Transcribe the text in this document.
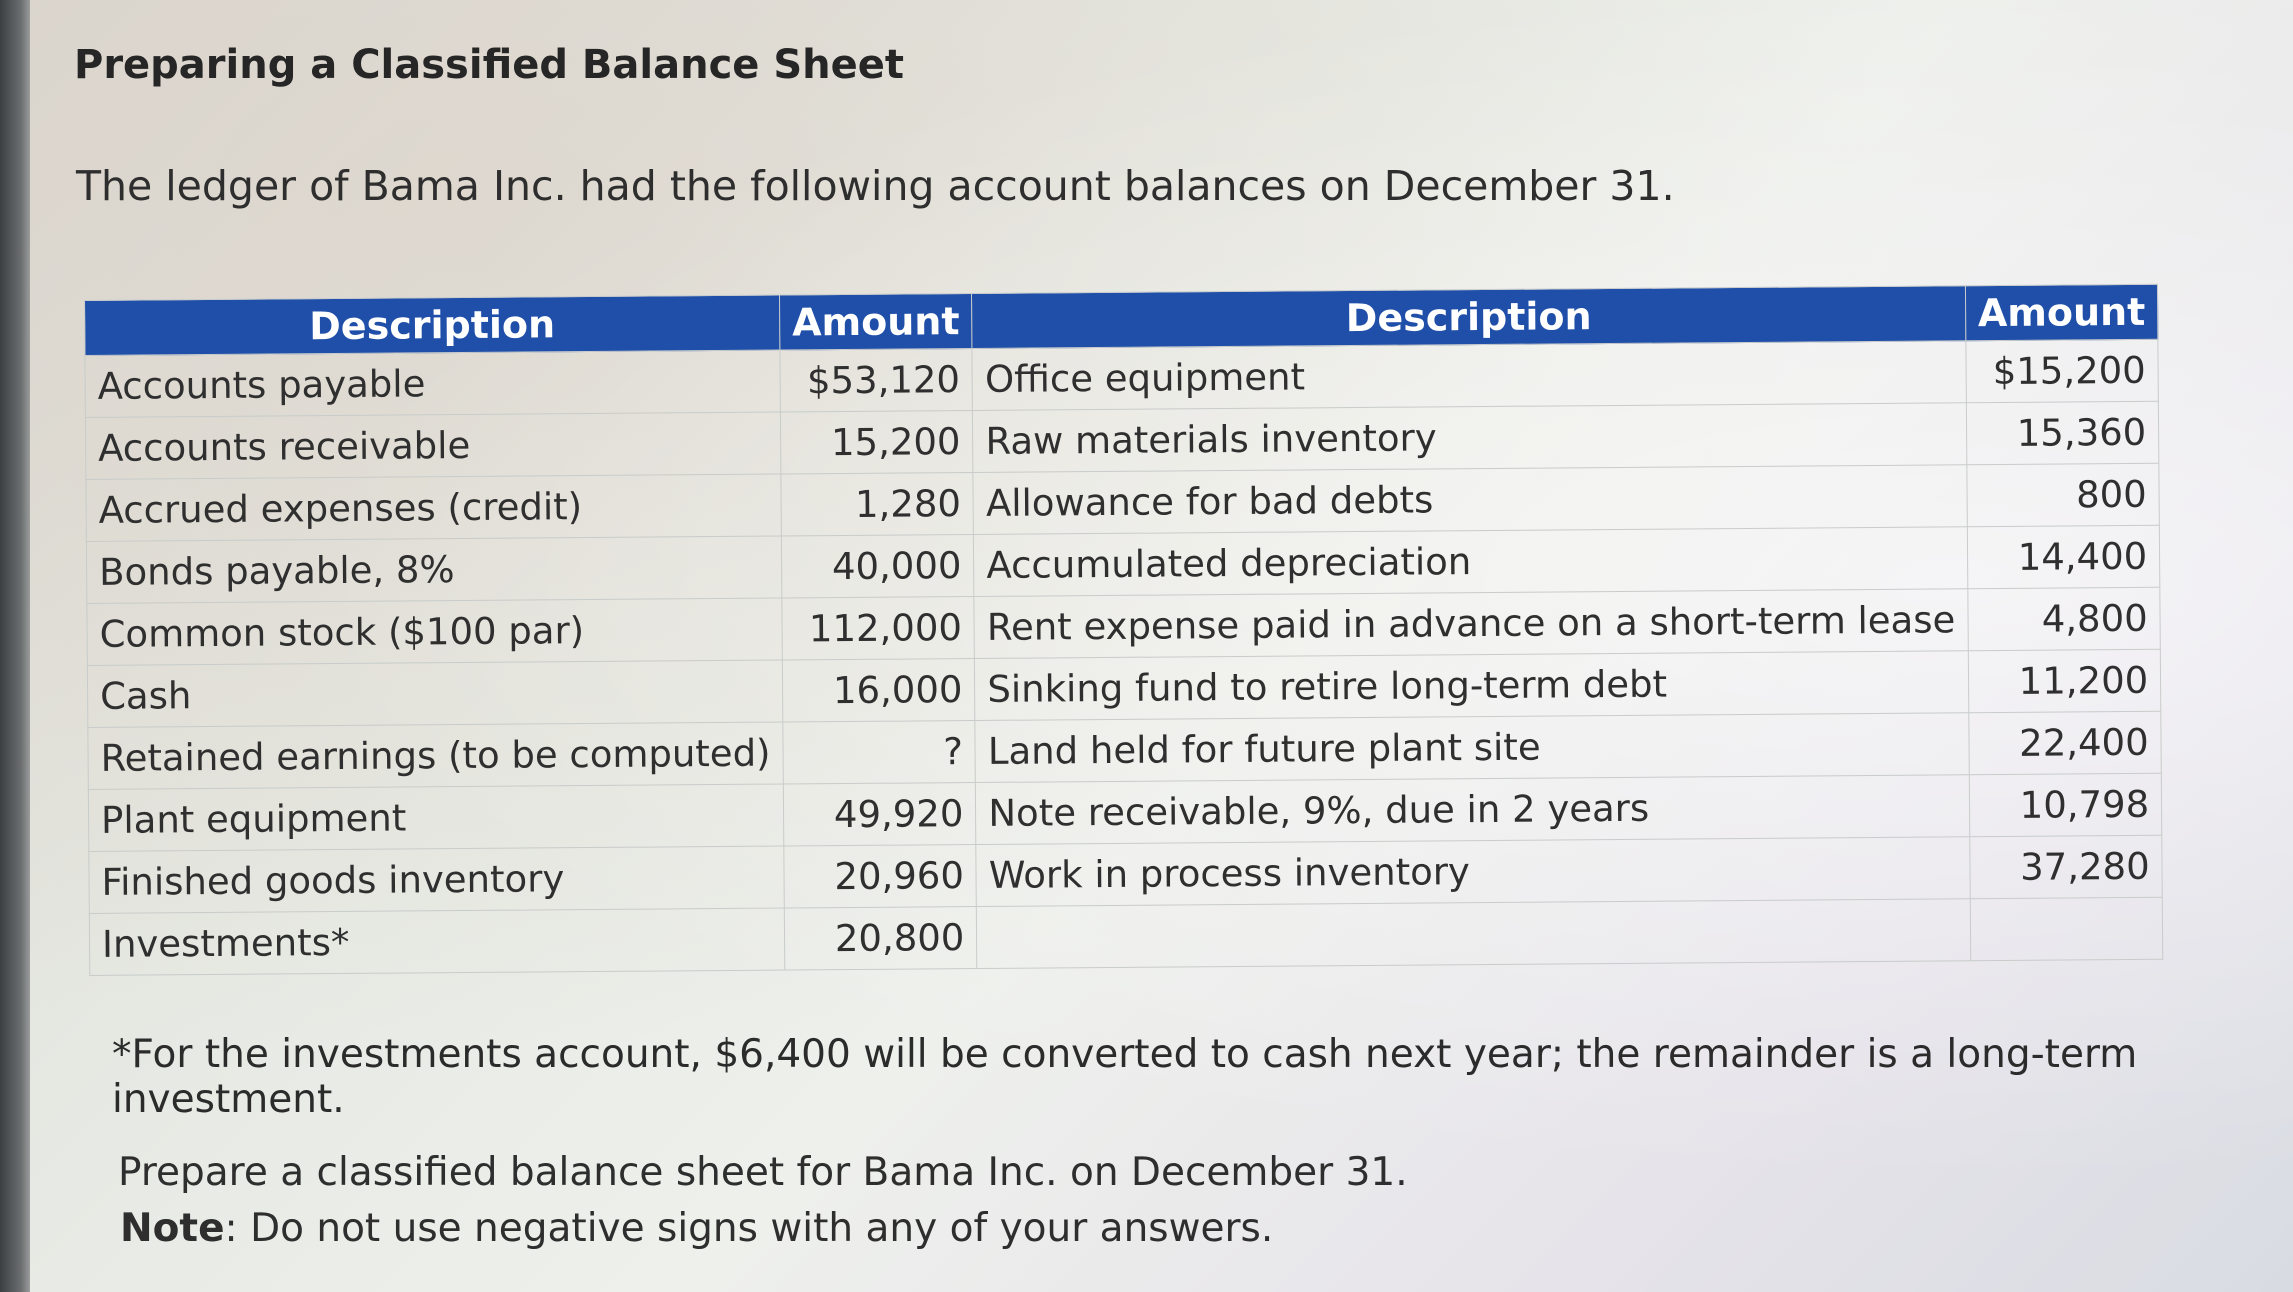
Preparing a Classified Balance Sheet

The ledger of Bama Inc. had the following account balances on December 31.

Description	Amount	Description	Amount
Accounts payable	$53,120	Office equipment	$15,200
Accounts receivable	15,200	Raw materials inventory	15,360
Accrued expenses (credit)	1,280	Allowance for bad debts	800
Bonds payable, 8%	40,000	Accumulated depreciation	14,400
Common stock ($100 par)	112,000	Rent expense paid in advance on a short-term lease	4,800
Cash	16,000	Sinking fund to retire long-term debt	11,200
Retained earnings (to be computed)	?	Land held for future plant site	22,400
Plant equipment	49,920	Note receivable, 9%, due in 2 years	10,798
Finished goods inventory	20,960	Work in process inventory	37,280
Investments*	20,800		

*For the investments account, $6,400 will be converted to cash next year; the remainder is a long-term investment.

Prepare a classified balance sheet for Bama Inc. on December 31.

Note: Do not use negative signs with any of your answers.
